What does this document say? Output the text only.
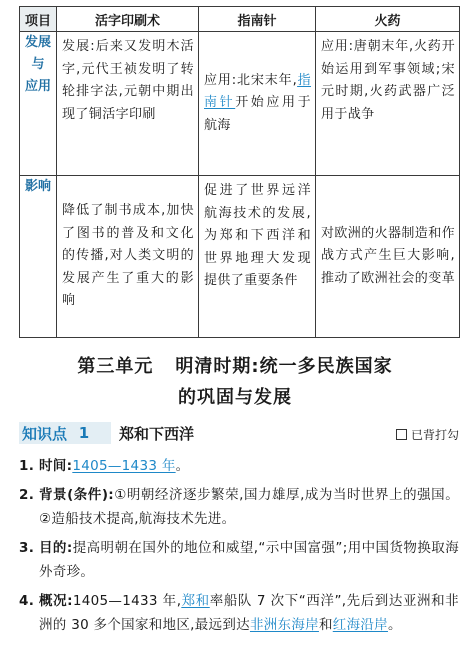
项目	活字印刷术	指南针	火药

发展
与
应用	发展:后来又发明木活字,元代王祯发明了转轮排字法,元朝中期出现了铜活字印刷	应用:北宋末年,指南针开始应用于航海	应用:唐朝末年,火药开始运用到军事领域;宋元时期,火药武器广泛用于战争
影响	降低了制书成本,加快了图书的普及和文化的传播,对人类文明的发展产生了重大的影响	促进了世界远洋航海技术的发展,为郑和下西洋和世界地理大发现提供了重要条件	对欧洲的火器制造和作战方式产生巨大影响,推动了欧洲社会的变革
第三单元 明清时期:统一多民族国家
的巩固与发展
知识点 1 郑和下西洋	已背打勾
1. 时间:1405—1433 年。
2. 背景(条件):①明朝经济逐步繁荣,国力雄厚,成为当时世界上的强国。②造船技术提高,航海技术先进。
3. 目的:提高明朝在国外的地位和威望,“示中国富强”;用中国货物换取海外奇珍。
4. 概况:1405—1433 年,郑和率船队 7 次下“西洋”,先后到达亚洲和非洲的 30 多个国家和地区,最远到达非洲东海岸和红海沿岸。
